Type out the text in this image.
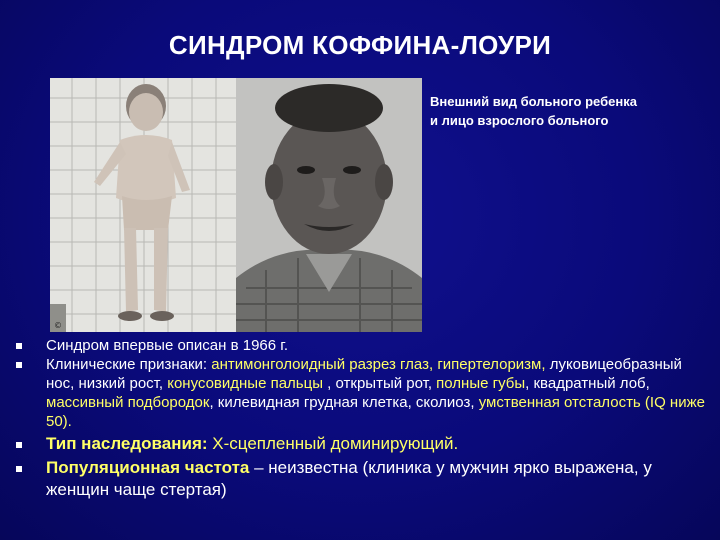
СИНДРОМ КОФФИНА-ЛОУРИ
©
Внешний вид больного ребенка
и лицо взрослого больного
Синдром впервые описан в 1966 г.
Клинические признаки: антимонголоидный разрез глаз, гипертелоризм, луковицеобразный нос, низкий рост, конусовидные пальцы , открытый рот, полные губы, квадратный лоб, массивный подбородок, килевидная грудная клетка, сколиоз, умственная отсталость (IQ ниже 50).
Тип наследования: Х-сцепленный доминирующий.
Популяционная частота – неизвестна (клиника у мужчин ярко выражена, у женщин чаще стертая)
